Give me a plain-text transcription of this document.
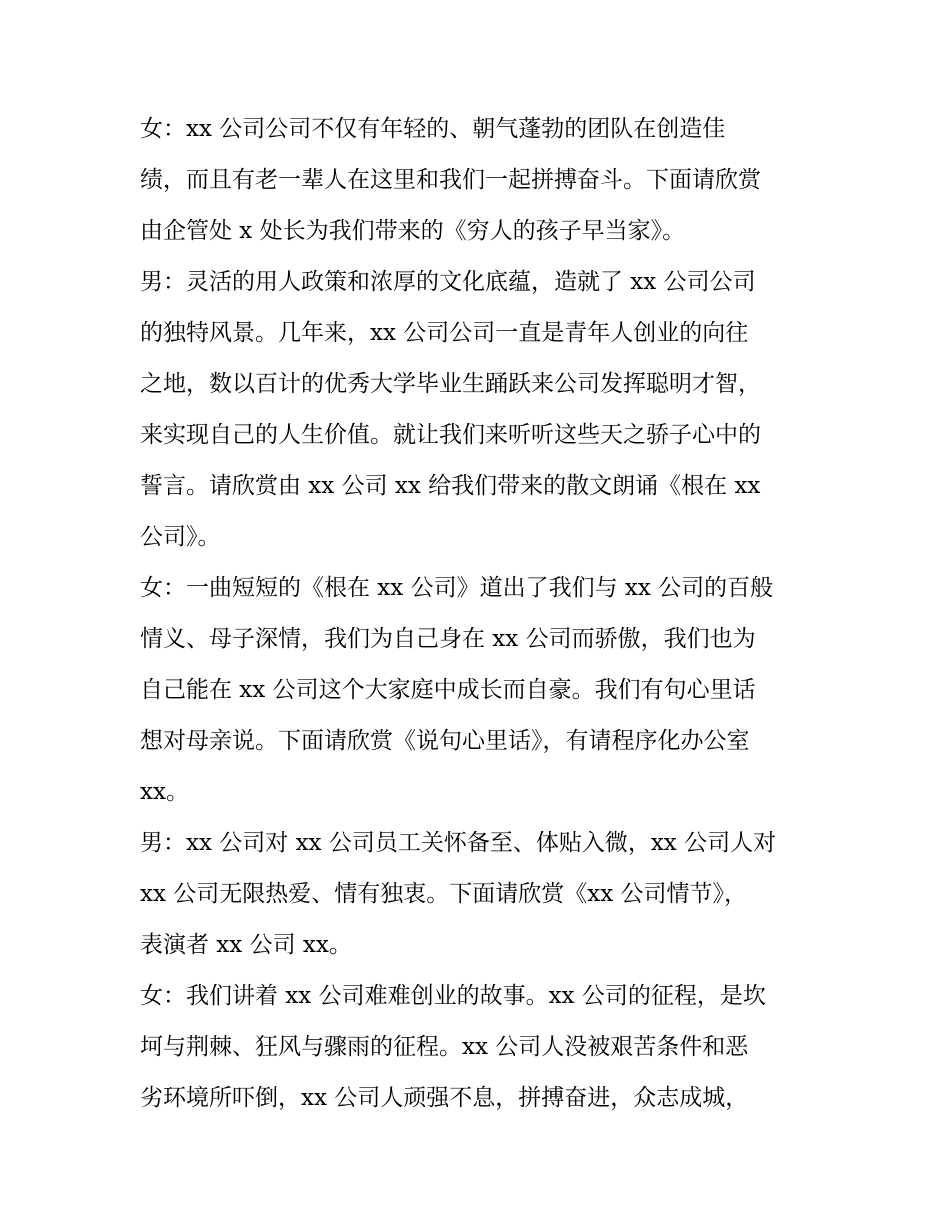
女：xx 公司公司不仅有年轻的、朝气蓬勃的团队在创造佳
绩，而且有老一辈人在这里和我们一起拼搏奋斗。下面请欣赏
由企管处 x 处长为我们带来的《穷人的孩子早当家》。
男：灵活的用人政策和浓厚的文化底蕴，造就了 xx 公司公司
的独特风景。几年来，xx 公司公司一直是青年人创业的向往
之地，数以百计的优秀大学毕业生踊跃来公司发挥聪明才智，
来实现自己的人生价值。就让我们来听听这些天之骄子心中的
誓言。请欣赏由 xx 公司 xx 给我们带来的散文朗诵《根在 xx
公司》。
女：一曲短短的《根在 xx 公司》道出了我们与 xx 公司的百般
情义、母子深情，我们为自己身在 xx 公司而骄傲，我们也为
自己能在 xx 公司这个大家庭中成长而自豪。我们有句心里话
想对母亲说。下面请欣赏《说句心里话》，有请程序化办公室
xx。
男：xx 公司对 xx 公司员工关怀备至、体贴入微，xx 公司人对
xx 公司无限热爱、情有独衷。下面请欣赏《xx 公司情节》，
表演者 xx 公司 xx。
女：我们讲着 xx 公司难难创业的故事。xx 公司的征程，是坎
坷与荆棘、狂风与骤雨的征程。xx 公司人没被艰苦条件和恶
劣环境所吓倒，xx 公司人顽强不息，拼搏奋进，众志成城，
